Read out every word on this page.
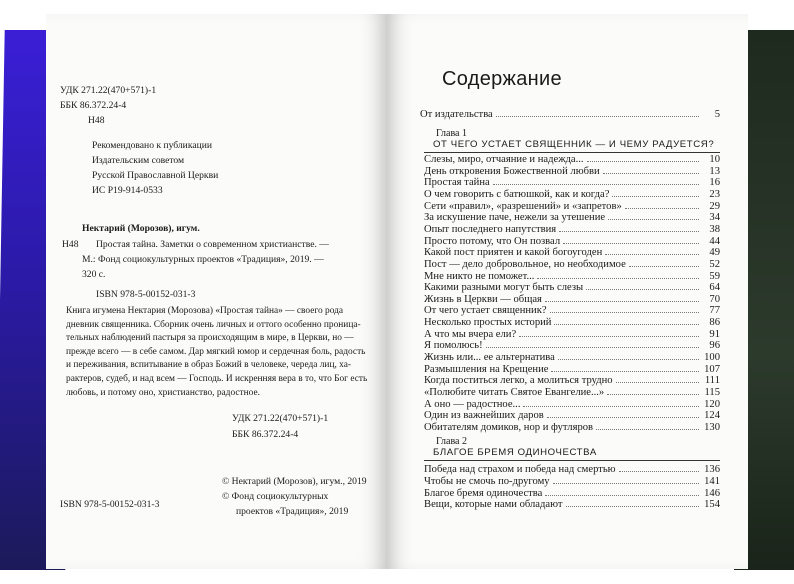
УДК 271.22(470+571)-1
ББК 86.372.24-4
Н48
Рекомендовано к публикации
Издательским советом
Русской Православной Церкви
ИС Р19-914-0533
Нектарий (Морозов), игум.
Н48 Простая тайна. Заметки о современном христианстве. —
М.: Фонд социокультурных проектов «Традиция», 2019. —
320 с.
ISBN 978-5-00152-031-3
Книга игумена Нектария (Морозова) «Простая тайна» — своего рода
дневник священника. Сборник очень личных и оттого особенно проница-
тельных наблюдений пастыря за происходящим в мире, в Церкви, но —
прежде всего — в себе самом. Дар мягкий юмор и сердечная боль, радость
и переживания, вспитывание в образ Божий в человеке, череда лиц, ха-
рактеров, судеб, и над всем — Господь. И искренняя вера в то, что Бог есть
любовь, и потому оно, христианство, радостное.
УДК 271.22(470+571)-1
ББК 86.372.24-4
© Нектарий (Морозов), игум., 2019
© Фонд социокультурных
проектов «Традиция», 2019
ISBN 978-5-00152-031-3
Содержание
От издательства	5
Глава 1
ОТ ЧЕГО УСТАЕТ СВЯЩЕННИК — И ЧЕМУ РАДУЕТСЯ?
Слезы, миро, отчаяние и надежда...	10
День откровения Божественной любви	13
Простая тайна	16
О чем говорить с батюшкой, как и когда?	23
Сети «правил», «разрешений» и «запретов»	29
За искушение паче, нежели за утешение	34
Опыт последнего напутствия	38
Просто потому, что Он позвал	44
Какой пост приятен и какой богоугоден	49
Пост — дело добровольное, но необходимое	52
Мне никто не поможет...	59
Какими разными могут быть слезы	64
Жизнь в Церкви — общая	70
От чего устает священник?	77
Несколько простых историй	86
А что мы вчера ели?	91
Я помолюсь!	96
Жизнь или... ее альтернатива	100
Размышления на Крещение	107
Когда поститься легко, а молиться трудно	111
«Полюбите читать Святое Евангелие...»	115
А оно — радостное...	120
Один из важнейших даров	124
Обитателям домиков, нор и футляров	130
Глава 2
БЛАГОЕ БРЕМЯ ОДИНОЧЕСТВА
Победа над страхом и победа над смертью	136
Чтобы не смочь по-другому	141
Благое бремя одиночества	146
Вещи, которые нами обладают	154
